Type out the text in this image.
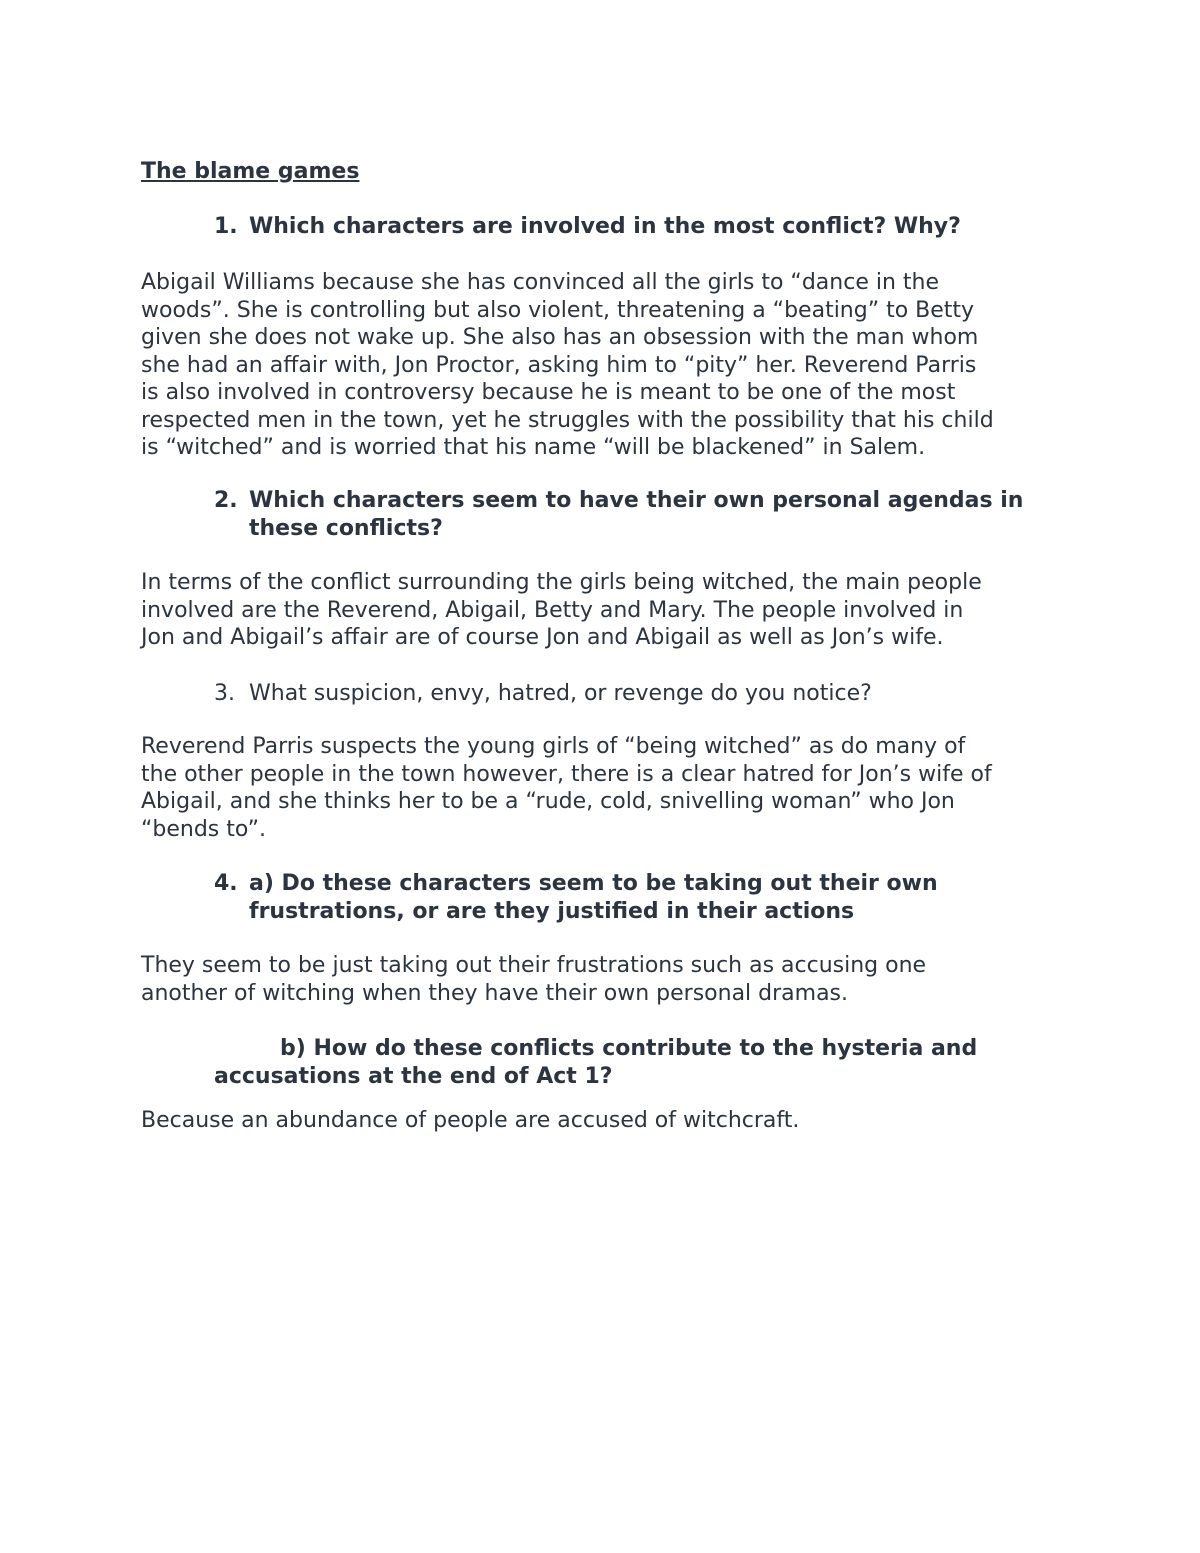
The blame games
1. Which characters are involved in the most conflict? Why?
Abigail Williams because she has convinced all the girls to “dance in the
woods”. She is controlling but also violent, threatening a “beating” to Betty
given she does not wake up. She also has an obsession with the man whom
she had an affair with, Jon Proctor, asking him to “pity” her. Reverend Parris
is also involved in controversy because he is meant to be one of the most
respected men in the town, yet he struggles with the possibility that his child
is “witched” and is worried that his name “will be blackened” in Salem.
2. Which characters seem to have their own personal agendas in these conflicts?
In terms of the conflict surrounding the girls being witched, the main people
involved are the Reverend, Abigail, Betty and Mary. The people involved in
Jon and Abigail’s affair are of course Jon and Abigail as well as Jon’s wife.
3. What suspicion, envy, hatred, or revenge do you notice?
Reverend Parris suspects the young girls of “being witched” as do many of
the other people in the town however, there is a clear hatred for Jon’s wife of
Abigail, and she thinks her to be a “rude, cold, snivelling woman” who Jon
“bends to”.
4. a) Do these characters seem to be taking out their own frustrations, or are they justified in their actions
They seem to be just taking out their frustrations such as accusing one
another of witching when they have their own personal dramas.
b) How do these conflicts contribute to the hysteria and accusations at the end of Act 1?
Because an abundance of people are accused of witchcraft.
